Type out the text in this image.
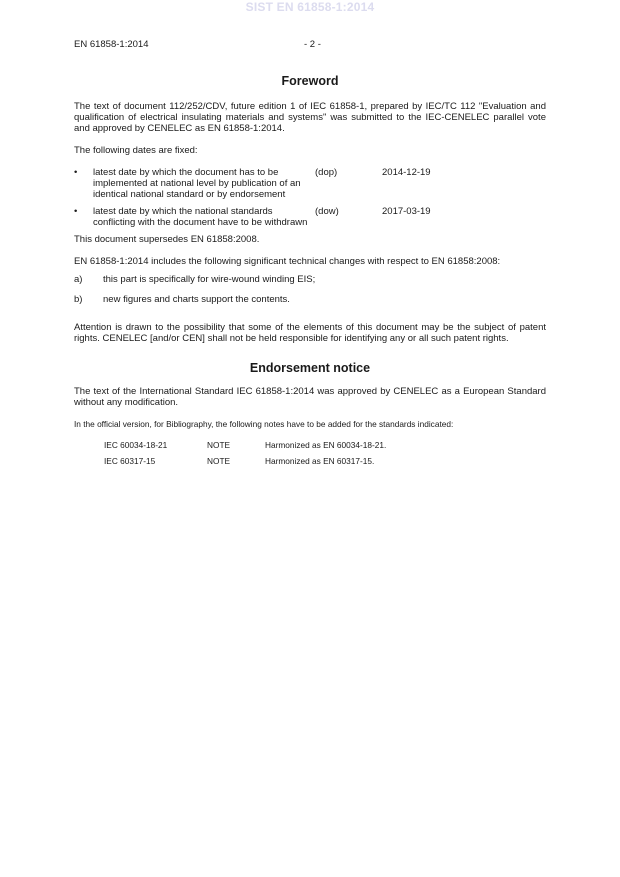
SIST EN 61858-1:2014
EN 61858-1:2014	- 2 -
Foreword

The text of document 112/252/CDV, future edition 1 of IEC 61858-1, prepared by IEC/TC 112 "Evaluation and qualification of electrical insulating materials and systems" was submitted to the IEC-CENELEC parallel vote and approved by CENELEC as EN 61858-1:2014.

The following dates are fixed:

• latest date by which the document has to be implemented at national level by publication of an identical national standard or by endorsement
(dop)	2014-12-19
• latest date by which the national standards conflicting with the document have to be withdrawn
(dow)	2017-03-19

This document supersedes EN 61858:2008.

EN 61858-1:2014 includes the following significant technical changes with respect to EN 61858:2008:

a) this part is specifically for wire-wound winding EIS;
b) new figures and charts support the contents.

Attention is drawn to the possibility that some of the elements of this document may be the subject of patent rights. CENELEC [and/or CEN] shall not be held responsible for identifying any or all such patent rights.

Endorsement notice

The text of the International Standard IEC 61858-1:2014 was approved by CENELEC as a European Standard without any modification.

In the official version, for Bibliography, the following notes have to be added for the standards indicated:

IEC 60034-18-21	NOTE	Harmonized as EN 60034-18-21.
IEC 60317-15	NOTE	Harmonized as EN 60317-15.
